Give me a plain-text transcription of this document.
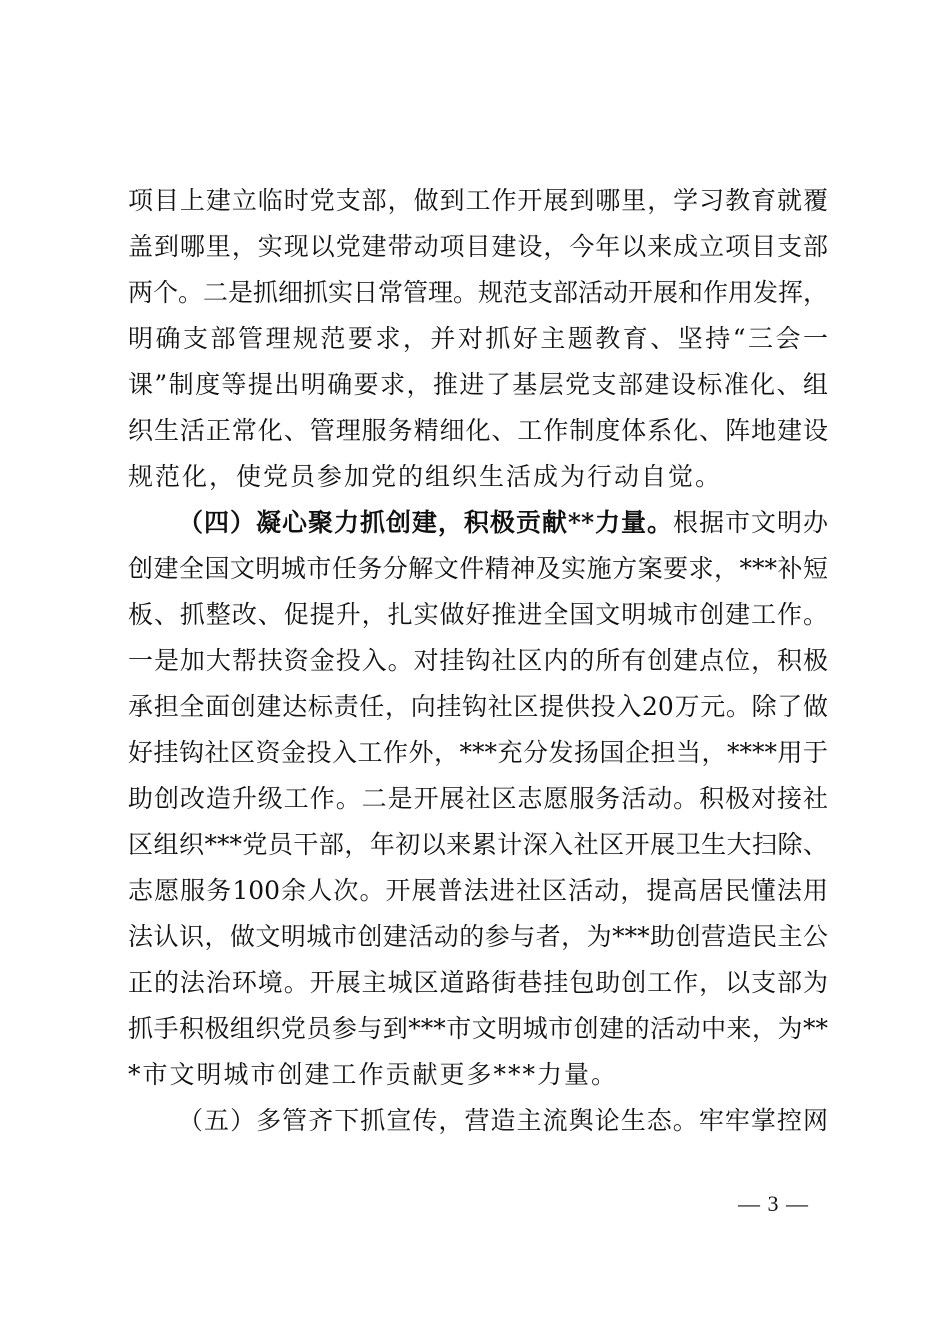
项目上建立临时党支部，做到工作开展到哪里，学习教育就覆
盖到哪里，实现以党建带动项目建设，今年以来成立项目支部
两个。二是抓细抓实日常管理。规范支部活动开展和作用发挥，
明确支部管理规范要求，并对抓好主题教育、坚持“三会一
课”制度等提出明确要求，推进了基层党支部建设标准化、组
织生活正常化、管理服务精细化、工作制度体系化、阵地建设
规范化，使党员参加党的组织生活成为行动自觉。
（四）凝心聚力抓创建，积极贡献**力量。根据市文明办
创建全国文明城市任务分解文件精神及实施方案要求，***补短
板、抓整改、促提升，扎实做好推进全国文明城市创建工作。
一是加大帮扶资金投入。对挂钩社区内的所有创建点位，积极
承担全面创建达标责任，向挂钩社区提供投入20万元。除了做
好挂钩社区资金投入工作外，***充分发扬国企担当，****用于
助创改造升级工作。二是开展社区志愿服务活动。积极对接社
区组织***党员干部，年初以来累计深入社区开展卫生大扫除、
志愿服务100余人次。开展普法进社区活动，提高居民懂法用
法认识，做文明城市创建活动的参与者，为***助创营造民主公
正的法治环境。开展主城区道路街巷挂包助创工作，以支部为
抓手积极组织党员参与到***市文明城市创建的活动中来，为**
*市文明城市创建工作贡献更多***力量。
（五）多管齐下抓宣传，营造主流舆论生态。牢牢掌控网
— 3 —
